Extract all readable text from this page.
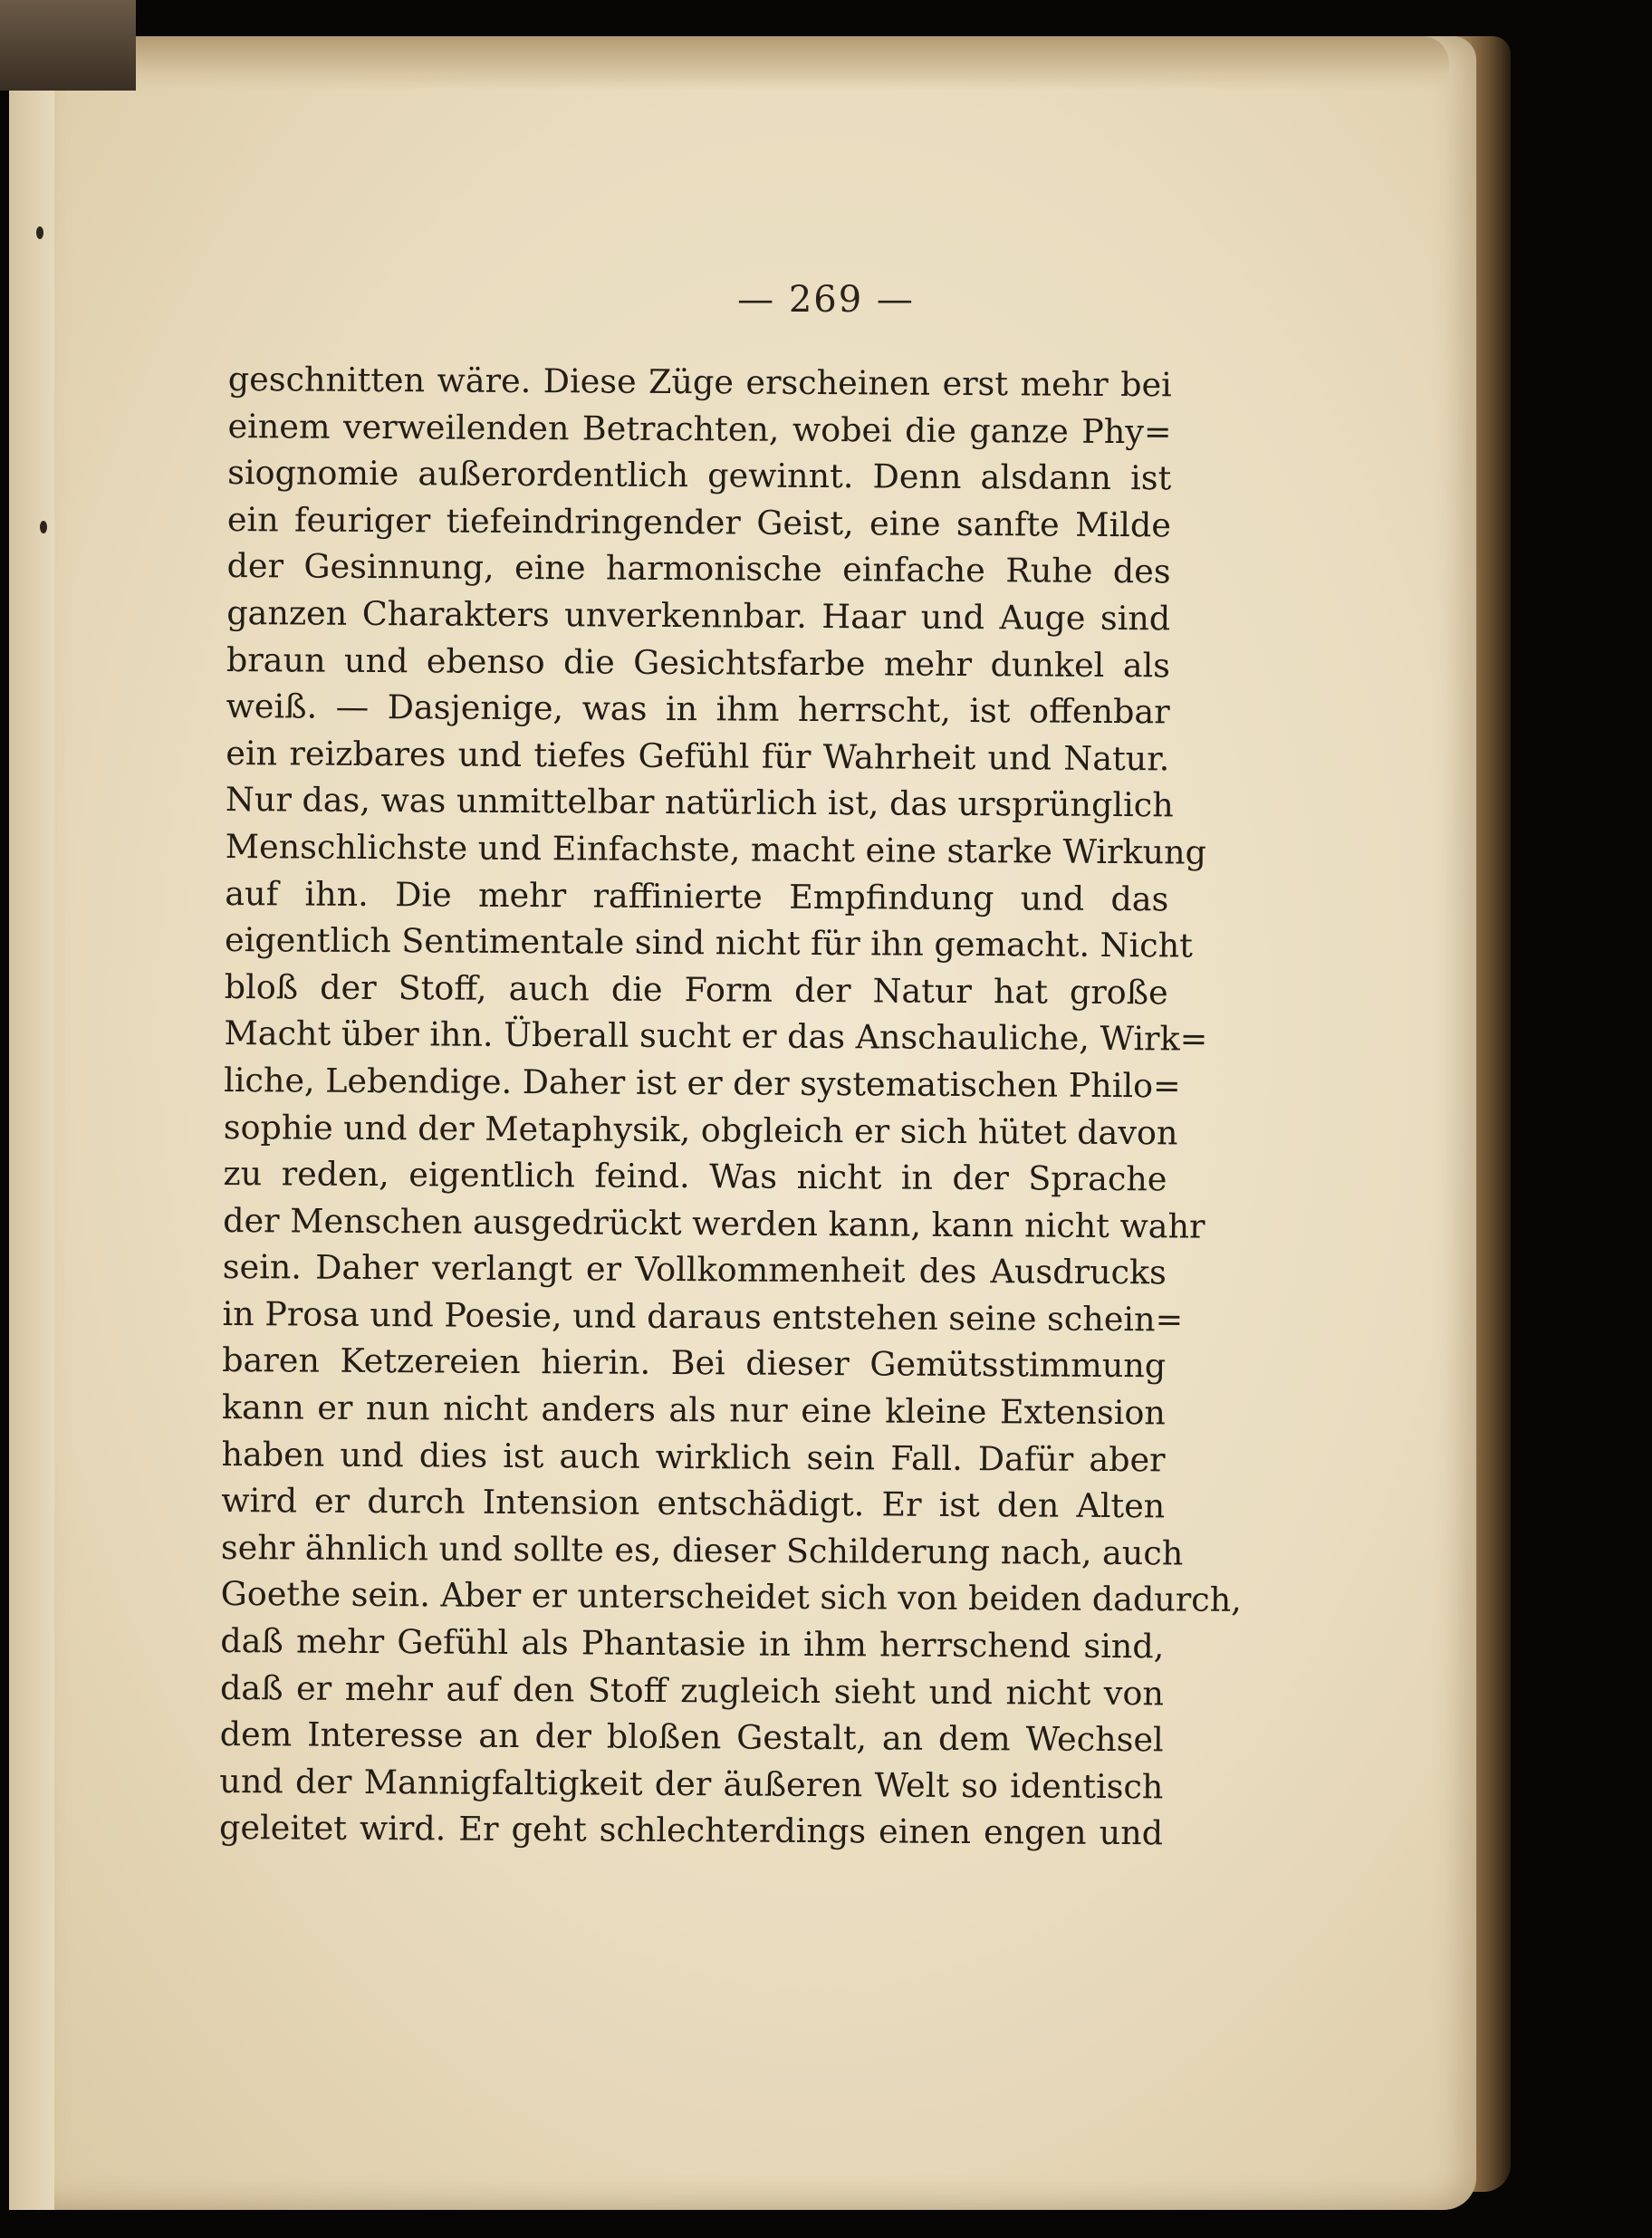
— 269 —
geschnitten wäre. Diese Züge erscheinen erst mehr bei
einem verweilenden Betrachten, wobei die ganze Phy=
siognomie außerordentlich gewinnt. Denn alsdann ist
ein feuriger tiefeindringender Geist, eine sanfte Milde
der Gesinnung, eine harmonische einfache Ruhe des
ganzen Charakters unverkennbar. Haar und Auge sind
braun und ebenso die Gesichtsfarbe mehr dunkel als
weiß. — Dasjenige, was in ihm herrscht, ist offenbar
ein reizbares und tiefes Gefühl für Wahrheit und Natur.
Nur das, was unmittelbar natürlich ist, das ursprünglich
Menschlichste und Einfachste, macht eine starke Wirkung
auf ihn. Die mehr raffinierte Empfindung und das
eigentlich Sentimentale sind nicht für ihn gemacht. Nicht
bloß der Stoff, auch die Form der Natur hat große
Macht über ihn. Überall sucht er das Anschauliche, Wirk=
liche, Lebendige. Daher ist er der systematischen Philo=
sophie und der Metaphysik, obgleich er sich hütet davon
zu reden, eigentlich feind. Was nicht in der Sprache
der Menschen ausgedrückt werden kann, kann nicht wahr
sein. Daher verlangt er Vollkommenheit des Ausdrucks
in Prosa und Poesie, und daraus entstehen seine schein=
baren Ketzereien hierin. Bei dieser Gemütsstimmung
kann er nun nicht anders als nur eine kleine Extension
haben und dies ist auch wirklich sein Fall. Dafür aber
wird er durch Intension entschädigt. Er ist den Alten
sehr ähnlich und sollte es, dieser Schilderung nach, auch
Goethe sein. Aber er unterscheidet sich von beiden dadurch,
daß mehr Gefühl als Phantasie in ihm herrschend sind,
daß er mehr auf den Stoff zugleich sieht und nicht von
dem Interesse an der bloßen Gestalt, an dem Wechsel
und der Mannigfaltigkeit der äußeren Welt so identisch
geleitet wird. Er geht schlechterdings einen engen und
